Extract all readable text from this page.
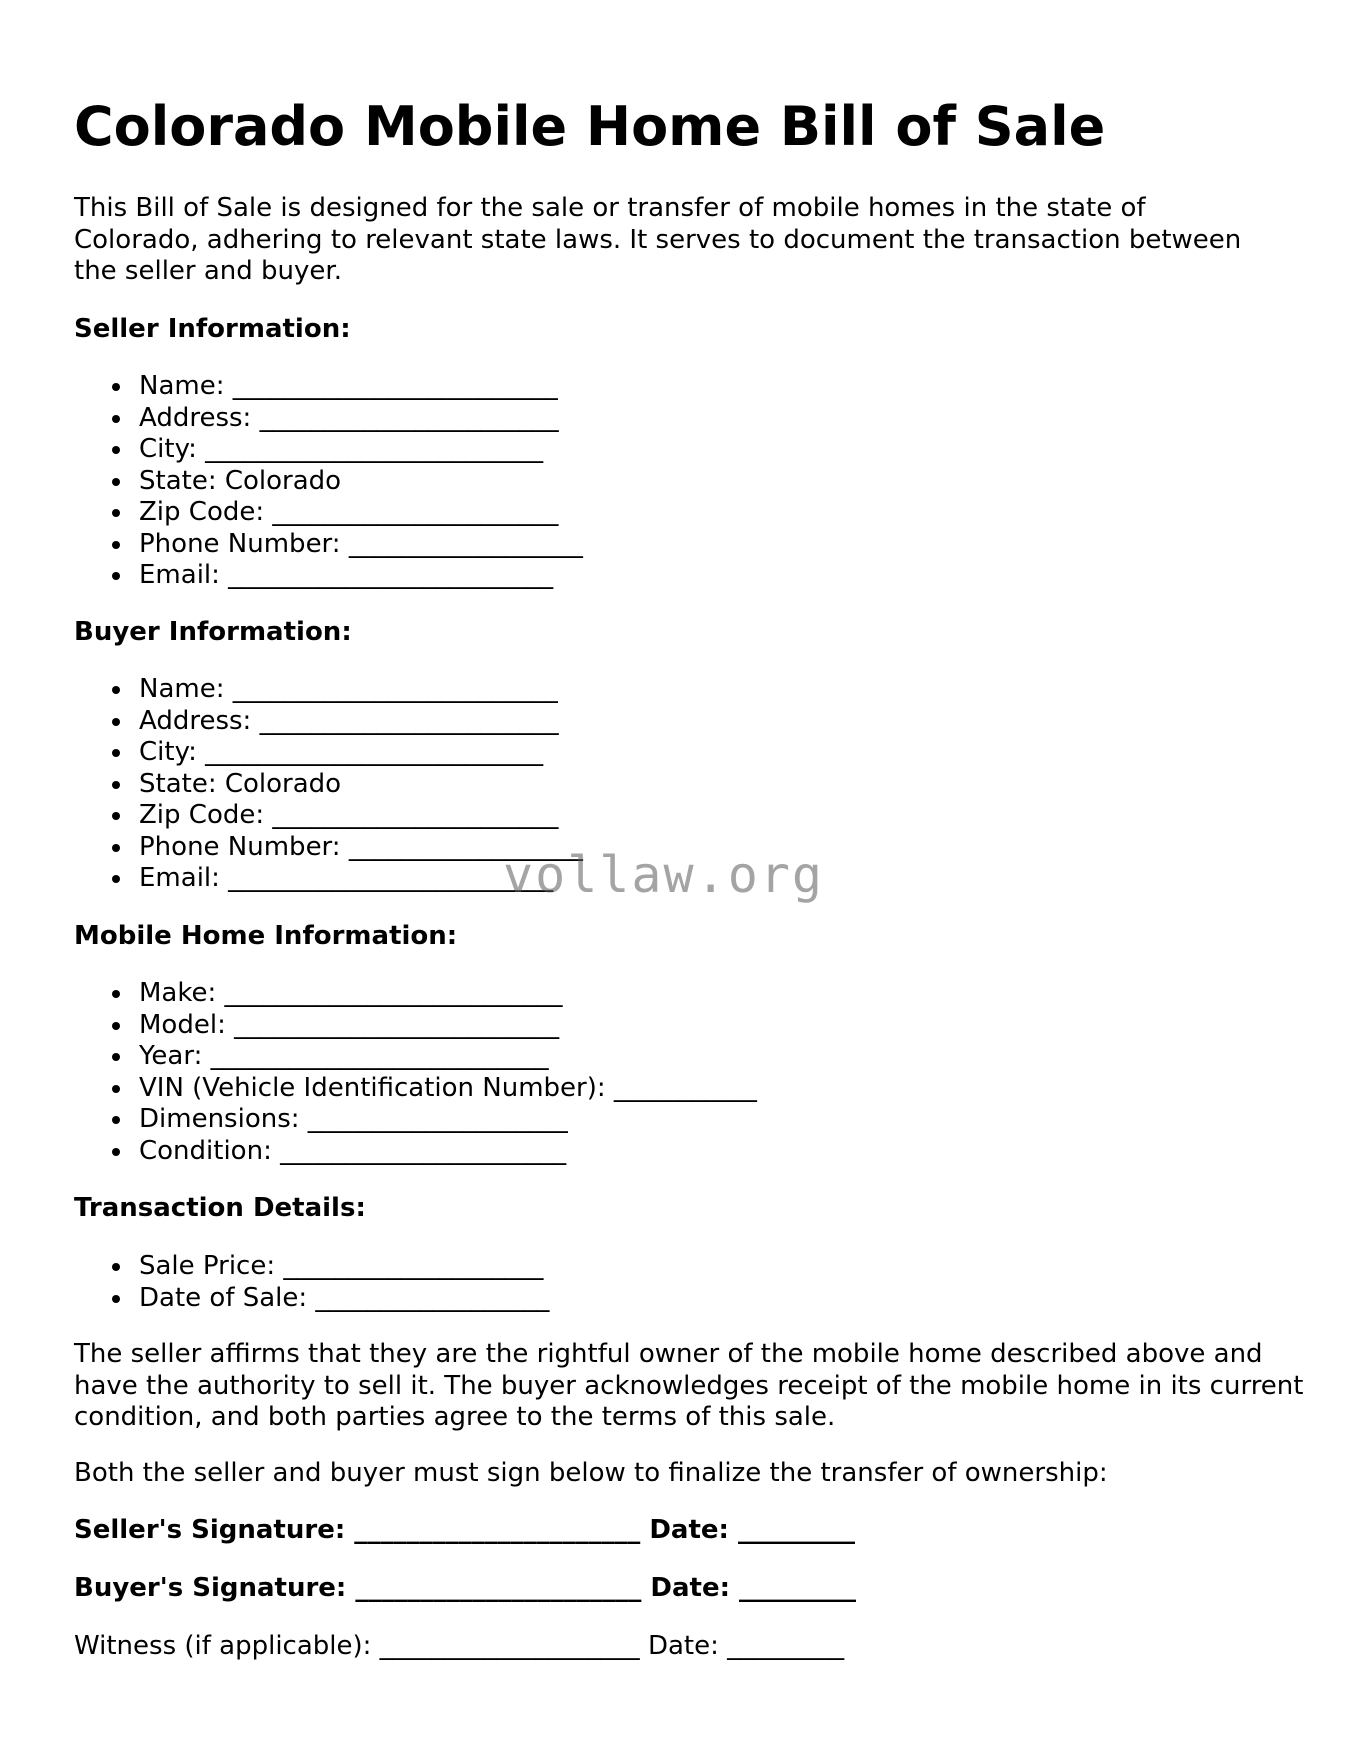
Colorado Mobile Home Bill of Sale

This Bill of Sale is designed for the sale or transfer of mobile homes in the state of Colorado, adhering to relevant state laws. It serves to document the transaction between the seller and buyer.

Seller Information:

Name: _________________________
Address: _______________________
City: __________________________
State: Colorado
Zip Code: ______________________
Phone Number: __________________
Email: _________________________

Buyer Information:

Name: _________________________
Address: _______________________
City: __________________________
State: Colorado
Zip Code: ______________________
Phone Number: __________________
Email: _________________________

Mobile Home Information:

Make: __________________________
Model: _________________________
Year: __________________________
VIN (Vehicle Identification Number): ___________
Dimensions: ____________________
Condition: ______________________

Transaction Details:

Sale Price: ____________________
Date of Sale: __________________

The seller affirms that they are the rightful owner of the mobile home described above and have the authority to sell it. The buyer acknowledges receipt of the mobile home in its current condition, and both parties agree to the terms of this sale.

Both the seller and buyer must sign below to finalize the transfer of ownership:

Seller's Signature: ______________________ Date: _________

Buyer's Signature: ______________________ Date: _________

Witness (if applicable): ____________________ Date: _________

vollaw.org
